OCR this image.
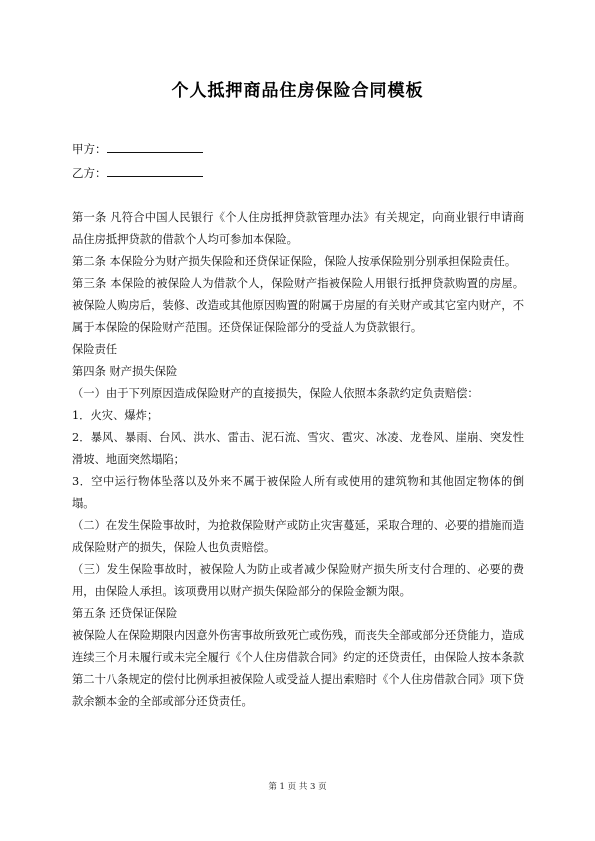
个人抵押商品住房保险合同模板
甲方：
乙方：

第一条 凡符合中国人民银行《个人住房抵押贷款管理办法》有关规定，向商业银行申请商品住房抵押贷款的借款个人均可参加本保险。

第二条 本保险分为财产损失保险和还贷保证保险，保险人按承保险别分别承担保险责任。

第三条 本保险的被保险人为借款个人，保险财产指被保险人用银行抵押贷款购置的房屋。被保险人购房后，装修、改造或其他原因购置的附属于房屋的有关财产或其它室内财产，不属于本保险的保险财产范围。还贷保证保险部分的受益人为贷款银行。

保险责任

第四条 财产损失保险

（一）由于下列原因造成保险财产的直接损失，保险人依照本条款约定负责赔偿：

1．火灾、爆炸；

2．暴风、暴雨、台风、洪水、雷击、泥石流、雪灾、雹灾、冰凌、龙卷风、崖崩、突发性滑坡、地面突然塌陷；

3．空中运行物体坠落以及外来不属于被保险人所有或使用的建筑物和其他固定物体的倒塌。

（二）在发生保险事故时，为抢救保险财产或防止灾害蔓延，采取合理的、必要的措施而造成保险财产的损失，保险人也负责赔偿。

（三）发生保险事故时，被保险人为防止或者减少保险财产损失所支付合理的、必要的费用，由保险人承担。该项费用以财产损失保险部分的保险金额为限。

第五条 还贷保证保险

被保险人在保险期限内因意外伤害事故所致死亡或伤残，而丧失全部或部分还贷能力，造成连续三个月未履行或未完全履行《个人住房借款合同》约定的还贷责任，由保险人按本条款第二十八条规定的偿付比例承担被保险人或受益人提出索赔时《个人住房借款合同》项下贷款余额本金的全部或部分还贷责任。

第 1 页 共 3 页
